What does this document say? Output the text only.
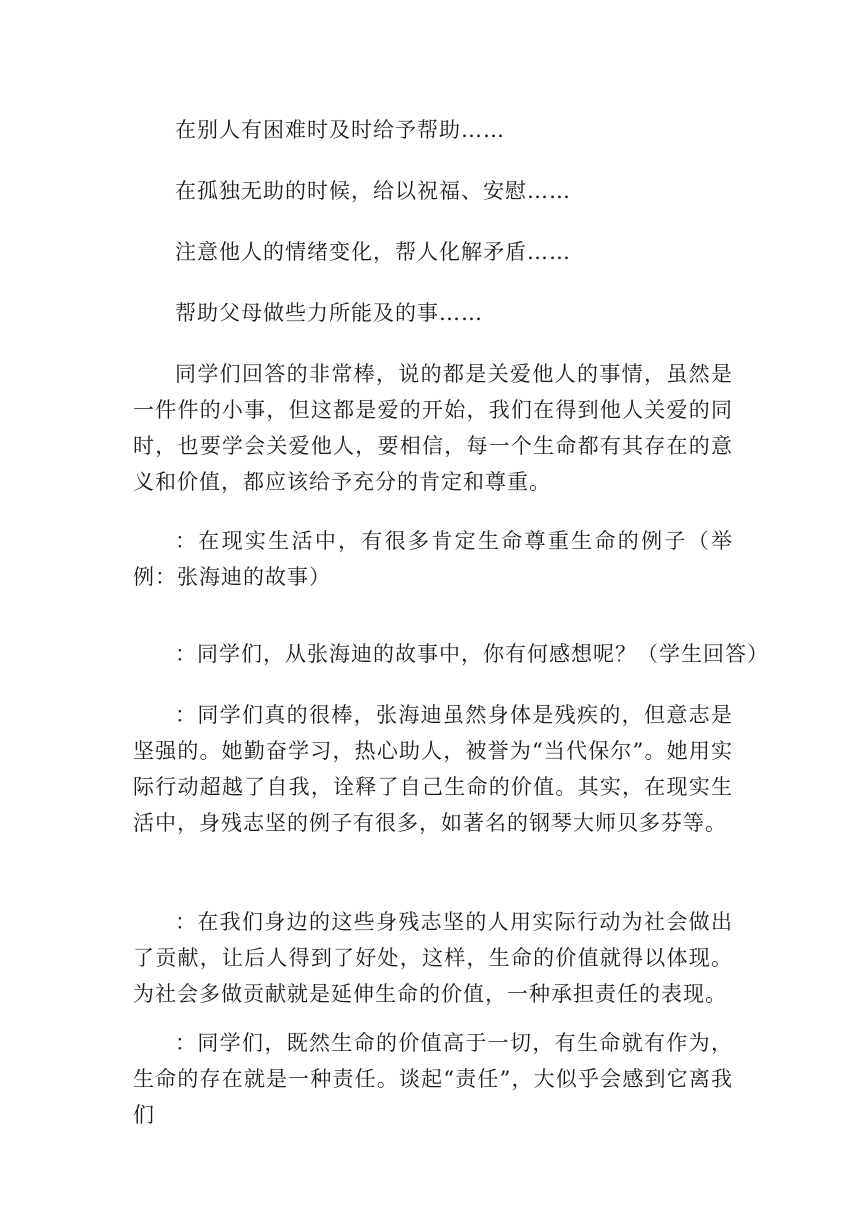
在别人有困难时及时给予帮助……

在孤独无助的时候，给以祝福、安慰……

注意他人的情绪变化，帮人化解矛盾……

帮助父母做些力所能及的事……

同学们回答的非常棒，说的都是关爱他人的事情，虽然是一件件的小事，但这都是爱的开始，我们在得到他人关爱的同时，也要学会关爱他人，要相信，每一个生命都有其存在的意义和价值，都应该给予充分的肯定和尊重。

：在现实生活中，有很多肯定生命尊重生命的例子（举例：张海迪的故事）

：同学们，从张海迪的故事中，你有何感想呢？（学生回答）

：同学们真的很棒，张海迪虽然身体是残疾的，但意志是坚强的。她勤奋学习，热心助人，被誉为“当代保尔”。她用实际行动超越了自我，诠释了自己生命的价值。其实，在现实生活中，身残志坚的例子有很多，如著名的钢琴大师贝多芬等。

：在我们身边的这些身残志坚的人用实际行动为社会做出了贡献，让后人得到了好处，这样，生命的价值就得以体现。为社会多做贡献就是延伸生命的价值，一种承担责任的表现。

：同学们，既然生命的价值高于一切，有生命就有作为，生命的存在就是一种责任。谈起“责任”，大似乎会感到它离我们
